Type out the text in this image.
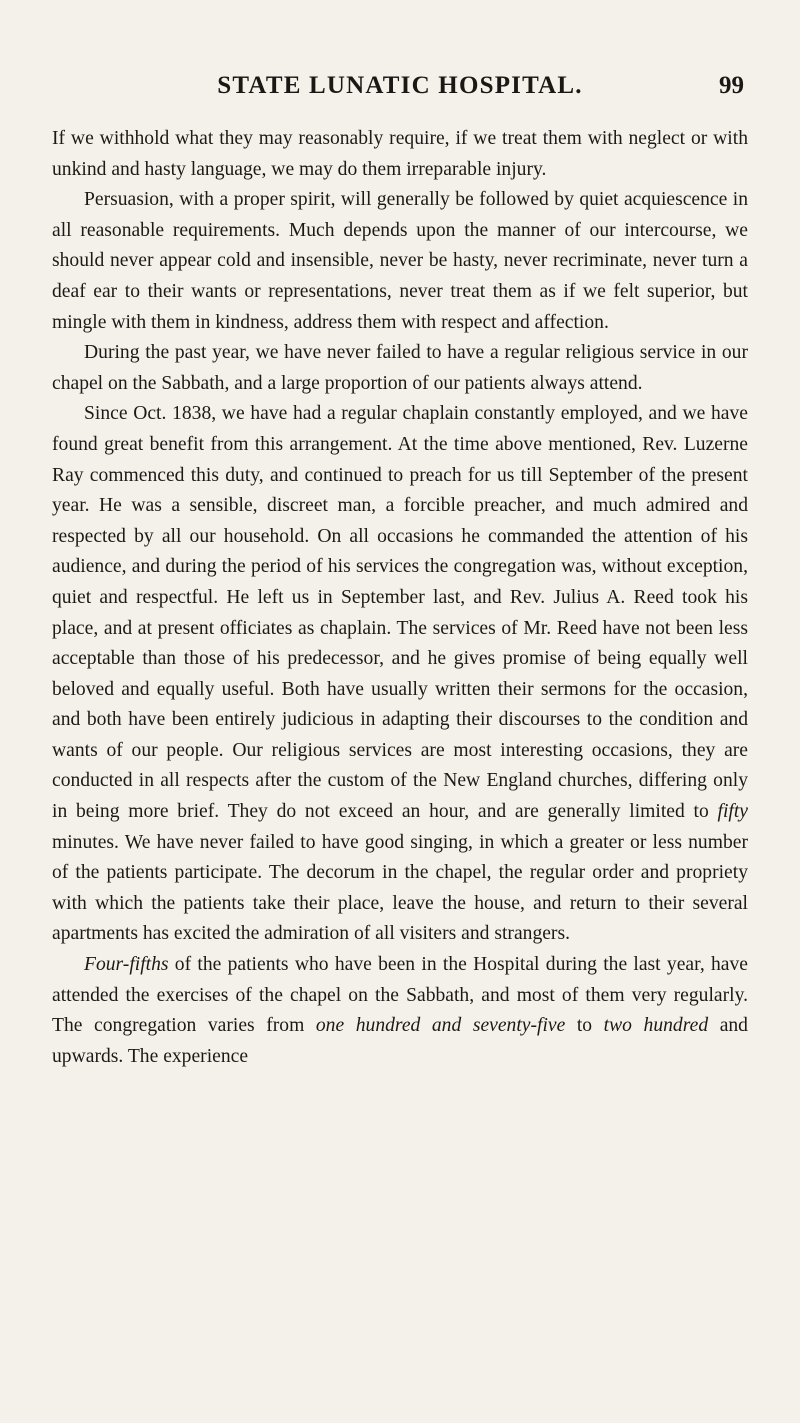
STATE LUNATIC HOSPITAL.	99

If we withhold what they may reasonably require, if we treat them with neglect or with unkind and hasty language, we may do them irreparable injury.

Persuasion, with a proper spirit, will generally be followed by quiet acquiescence in all reasonable requirements. Much depends upon the manner of our intercourse, we should never appear cold and insensible, never be hasty, never recriminate, never turn a deaf ear to their wants or representations, never treat them as if we felt superior, but mingle with them in kindness, address them with respect and affection.

During the past year, we have never failed to have a regular religious service in our chapel on the Sabbath, and a large proportion of our patients always attend.

Since Oct. 1838, we have had a regular chaplain constantly employed, and we have found great benefit from this arrangement. At the time above mentioned, Rev. Luzerne Ray commenced this duty, and continued to preach for us till September of the present year. He was a sensible, discreet man, a forcible preacher, and much admired and respected by all our household. On all occasions he commanded the attention of his audience, and during the period of his services the congregation was, without exception, quiet and respectful. He left us in September last, and Rev. Julius A. Reed took his place, and at present officiates as chaplain. The services of Mr. Reed have not been less acceptable than those of his predecessor, and he gives promise of being equally well beloved and equally useful. Both have usually written their sermons for the occasion, and both have been entirely judicious in adapting their discourses to the condition and wants of our people. Our religious services are most interesting occasions, they are conducted in all respects after the custom of the New England churches, differing only in being more brief. They do not exceed an hour, and are generally limited to fifty minutes. We have never failed to have good singing, in which a greater or less number of the patients participate. The decorum in the chapel, the regular order and propriety with which the patients take their place, leave the house, and return to their several apartments has excited the admiration of all visiters and strangers.

Four-fifths of the patients who have been in the Hospital during the last year, have attended the exercises of the chapel on the Sabbath, and most of them very regularly. The congregation varies from one hundred and seventy-five to two hundred and upwards. The experience
